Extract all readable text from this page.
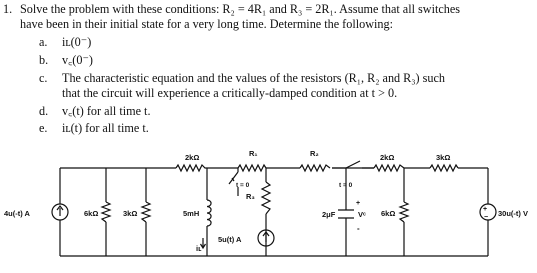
1. Solve the problem with these conditions: R₂ = 4R₁ and R₃ = 2R₁. Assume that all switches
have been in their initial state for a very long time. Determine the following:
a. iʟ(0⁻)
b. v꜀(0⁻)
c. The characteristic equation and the values of the resistors (R₁, R₂ and R₃) such
that the circuit will experience a critically-damped condition at t > 0.
d. v꜀(t) for all time t.
e. iʟ(t) for all time t.
4u(-t) A	6kΩ	3kΩ	5mH
iʟ
2kΩ
t = 0
R₁
R₃
5u(t) A
R₂
t = 0
2μF	Vᶜ
+
-
2kΩ
6kΩ
3kΩ
+
− 30u(-t) V
